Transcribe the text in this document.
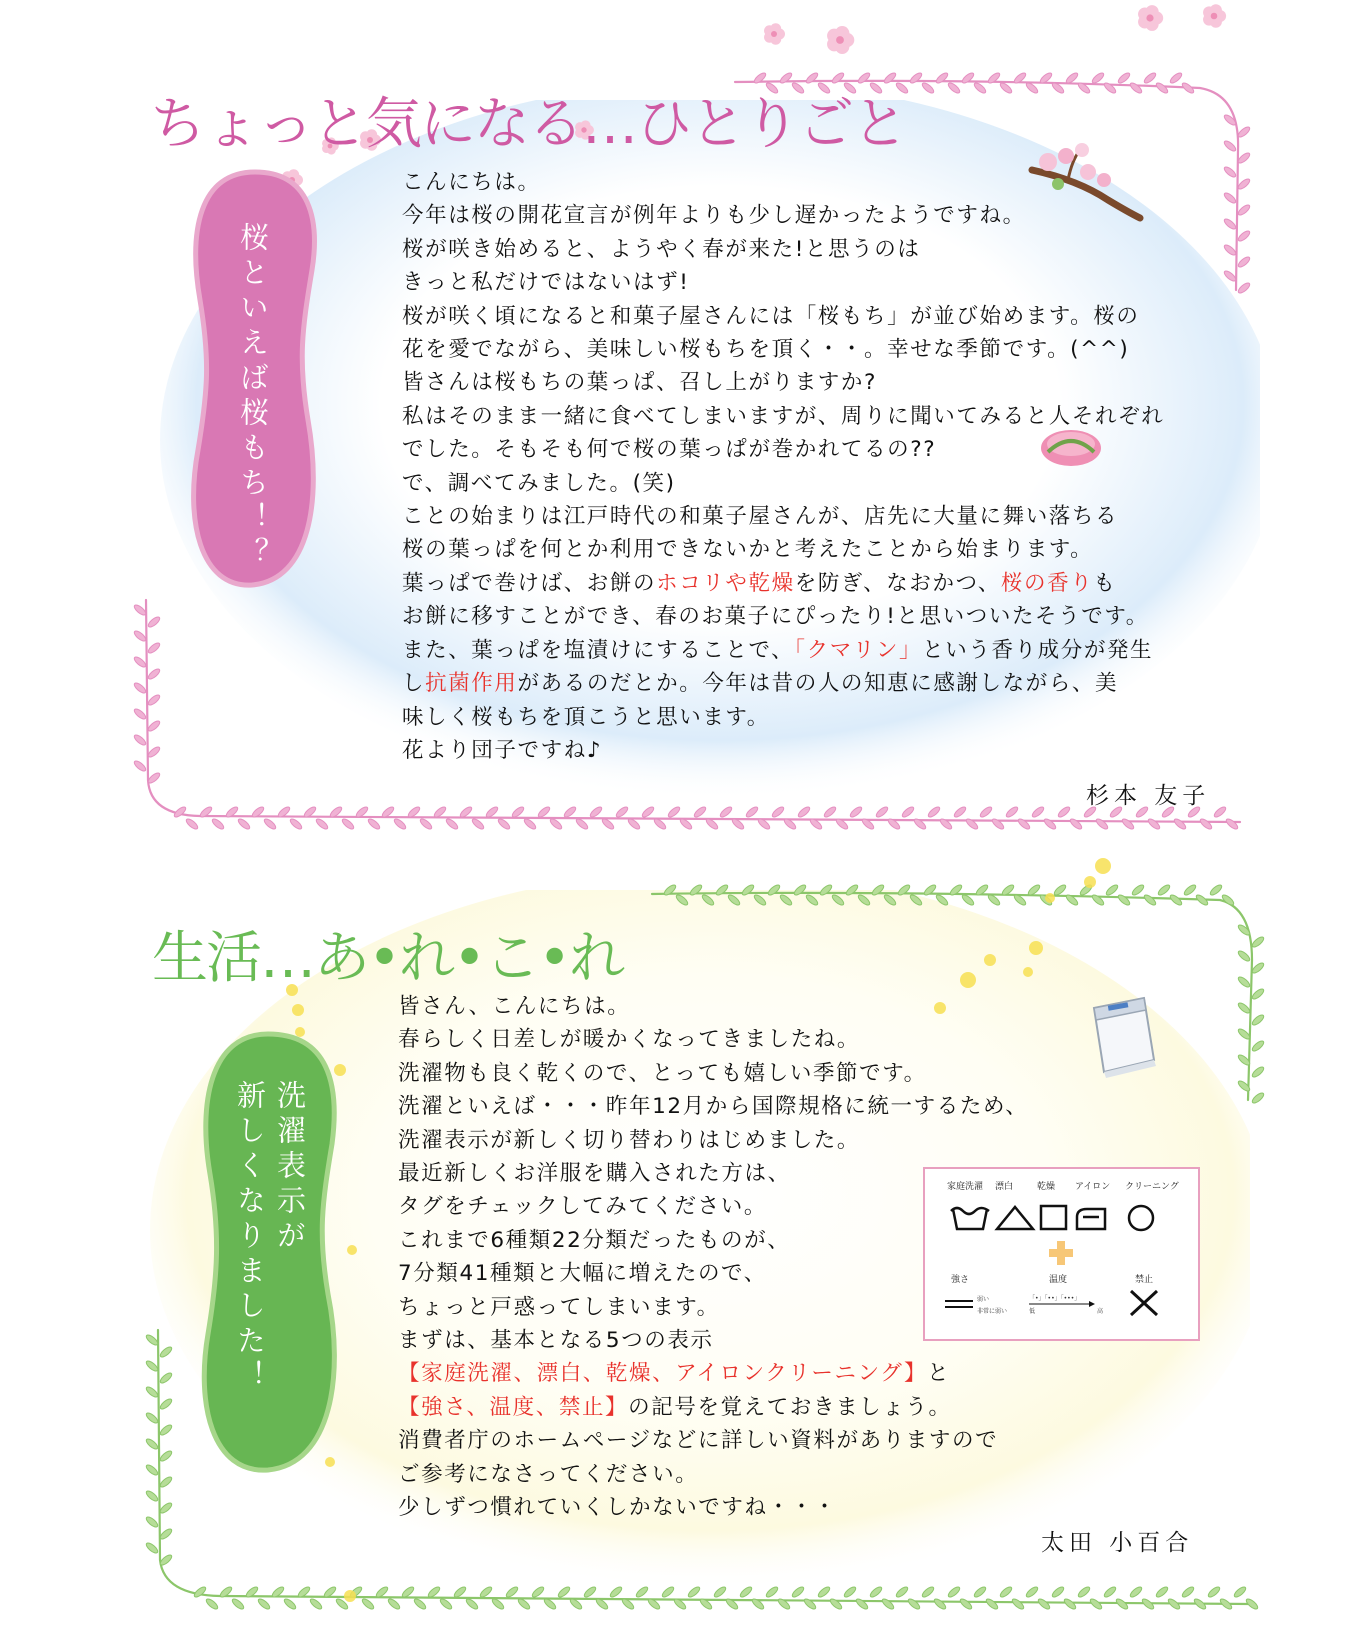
ちょっと気になる…ひとりごと
桜といえば桜もち！？
こんにちは。
今年は桜の開花宣言が例年よりも少し遅かったようですね。
桜が咲き始めると、ようやく春が来た!と思うのは
きっと私だけではないはず!
桜が咲く頃になると和菓子屋さんには「桜もち」が並び始めます。桜の
花を愛でながら、美味しい桜もちを頂く・・。幸せな季節です。(^^)
皆さんは桜もちの葉っぱ、召し上がりますか?
私はそのまま一緒に食べてしまいますが、周りに聞いてみると人それぞれ
でした。そもそも何で桜の葉っぱが巻かれてるの??
で、調べてみました。(笑)
ことの始まりは江戸時代の和菓子屋さんが、店先に大量に舞い落ちる
桜の葉っぱを何とか利用できないかと考えたことから始まります。
葉っぱで巻けば、お餅のホコリや乾燥を防ぎ、なおかつ、桜の香りも
お餅に移すことができ、春のお菓子にぴったり!と思いついたそうです。
また、葉っぱを塩漬けにすることで、「クマリン」という香り成分が発生
し抗菌作用があるのだとか。今年は昔の人の知恵に感謝しながら、美
味しく桜もちを頂こうと思います。
花より団子ですね♪
杉本 友子
生活…あ•れ•こ•れ
洗濯表示が
新しくなりました！	家庭洗濯 漂白	乾燥 アイロン クリーニング
強さ	温度	禁止
弱い
非常に弱い
「•」「••」「•••」
低	高
皆さん、こんにちは。
春らしく日差しが暖かくなってきましたね。
洗濯物も良く乾くので、とっても嬉しい季節です。
洗濯といえば・・・昨年12月から国際規格に統一するため、
洗濯表示が新しく切り替わりはじめました。
最近新しくお洋服を購入された方は、
タグをチェックしてみてください。
これまで6種類22分類だったものが、
7分類41種類と大幅に増えたので、
ちょっと戸惑ってしまいます。
まずは、基本となる5つの表示
【家庭洗濯、漂白、乾燥、アイロンクリーニング】と
【強さ、温度、禁止】の記号を覚えておきましょう。
消費者庁のホームページなどに詳しい資料がありますので
ご参考になさってください。
少しずつ慣れていくしかないですね・・・
太田 小百合
